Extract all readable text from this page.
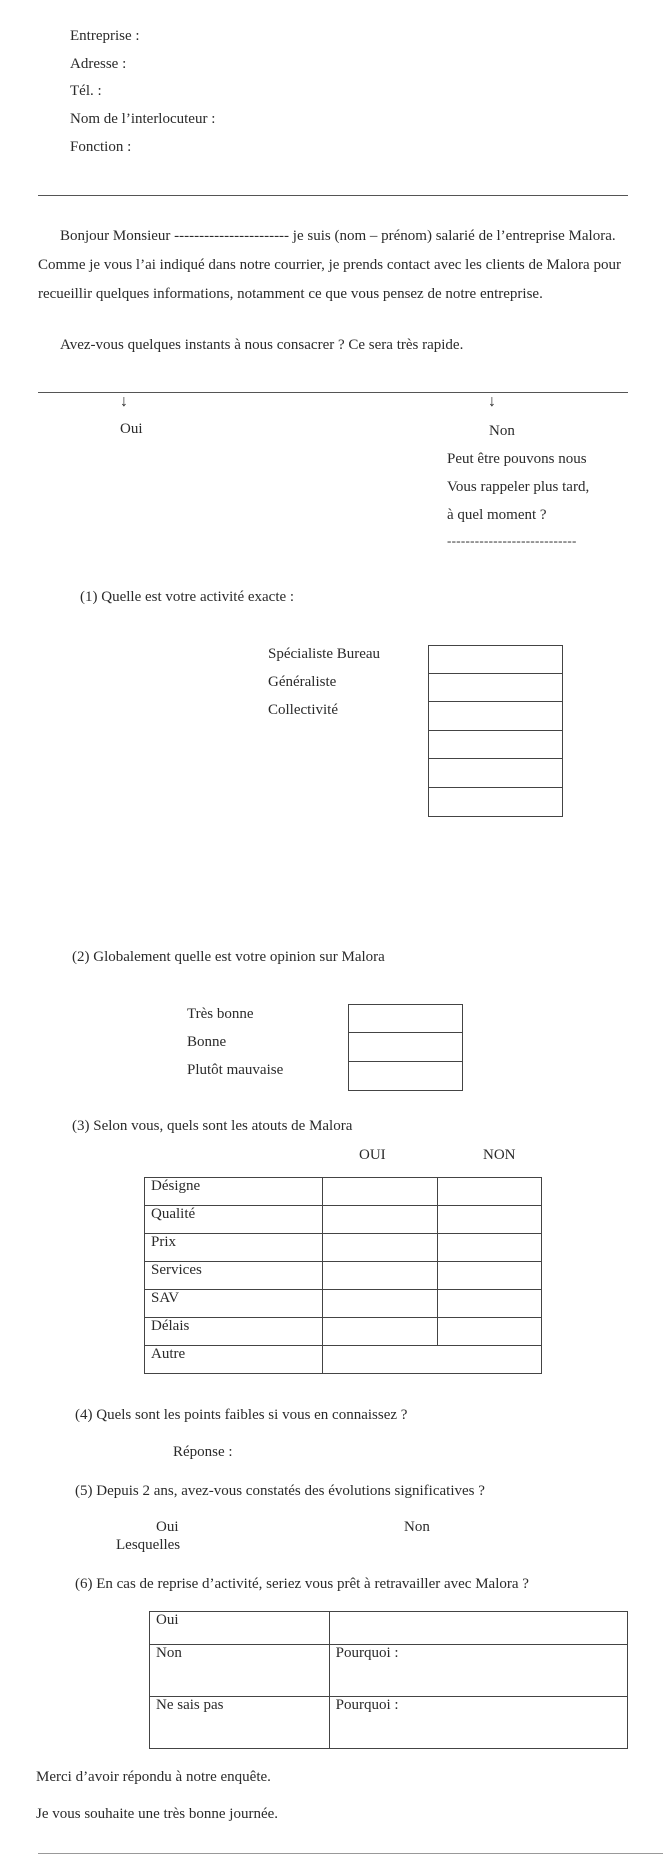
Entreprise :
Adresse :
Tél. :
Nom de l’interlocuteur :
Fonction :
Bonjour Monsieur ----------------------- je suis (nom – prénom) salarié de l’entreprise Malora. Comme je vous l’ai indiqué dans notre courrier, je prends contact avec les clients de Malora pour recueillir quelques informations, notamment ce que vous pensez de notre entreprise.
Avez-vous quelques instants à nous consacrer ? Ce sera très rapide.
↓	↓
Oui	Non
Peut être pouvons nous
Vous rappeler plus tard,
à quel moment ?
----------------------------
(1) Quelle est votre activité exacte :
Spécialiste Bureau
Généraliste
Collectivité
(2) Globalement quelle est votre opinion sur Malora
Très bonne
Bonne
Plutôt mauvaise
(3) Selon vous, quels sont les atouts de Malora
OUI	NON
Désigne		
Qualité		
Prix		
Services		
SAV		
Délais		
Autre		
(4) Quels sont les points faibles si vous en connaissez ?
Réponse :
(5) Depuis 2 ans, avez-vous constatés des évolutions significatives ?
Oui
Lesquelles
Non
(6) En cas de reprise d’activité, seriez vous prêt à retravailler avec Malora ?
Oui	
Non	Pourquoi :
Ne sais pas	Pourquoi :
Merci d’avoir répondu à notre enquête.
Je vous souhaite une très bonne journée.
